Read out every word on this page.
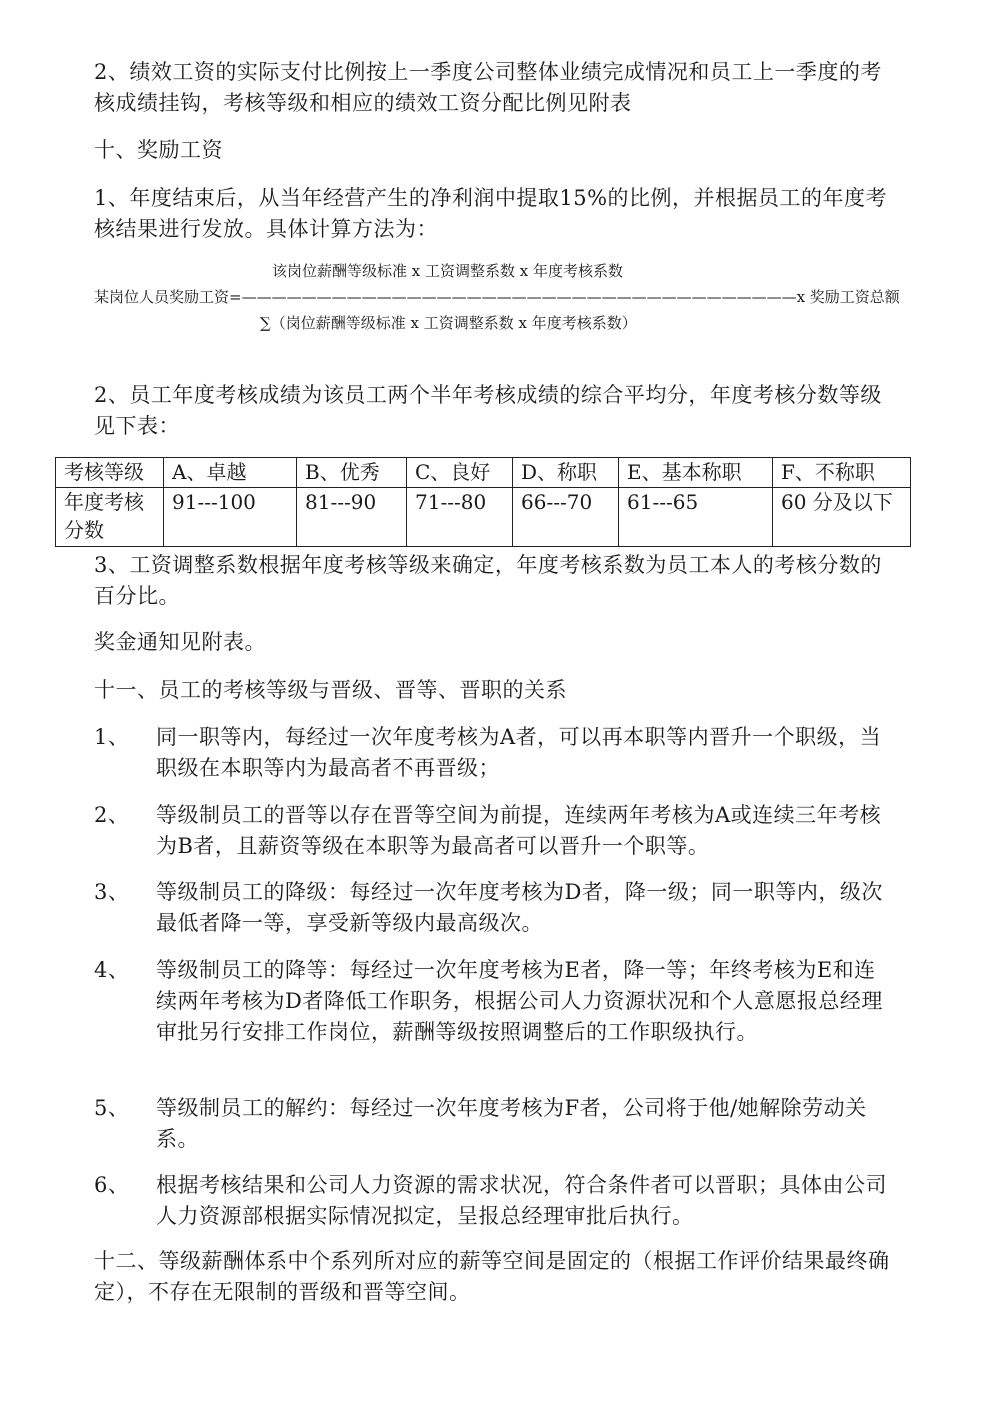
2、绩效工资的实际支付比例按上一季度公司整体业绩完成情况和员工上一季度的考核成绩挂钩，考核等级和相应的绩效工资分配比例见附表

十、奖励工资

1、年度结束后，从当年经营产生的净利润中提取15%的比例，并根据员工的年度考核结果进行发放。具体计算方法为：

该岗位薪酬等级标准 x 工资调整系数 x 年度考核系数
某岗位人员奖励工资=—————————————————————————————————————x 奖励工资总额
∑（岗位薪酬等级标准 x 工资调整系数 x 年度考核系数）

2、员工年度考核成绩为该员工两个半年考核成绩的综合平均分，年度考核分数等级见下表：

考核等级	A、卓越	B、优秀	C、良好	D、称职	E、基本称职	F、不称职
年度考核分数	91---100	81---90	71---80	66---70	61---65	60 分及以下

3、工资调整系数根据年度考核等级来确定，年度考核系数为员工本人的考核分数的百分比。

奖金通知见附表。

十一、员工的考核等级与晋级、晋等、晋职的关系

1、 同一职等内，每经过一次年度考核为A者，可以再本职等内晋升一个职级，当职级在本职等内为最高者不再晋级；
2、 等级制员工的晋等以存在晋等空间为前提，连续两年考核为A或连续三年考核为B者，且薪资等级在本职等为最高者可以晋升一个职等。
3、 等级制员工的降级：每经过一次年度考核为D者，降一级；同一职等内，级次最低者降一等，享受新等级内最高级次。
4、 等级制员工的降等：每经过一次年度考核为E者，降一等；年终考核为E和连续两年考核为D者降低工作职务，根据公司人力资源状况和个人意愿报总经理审批另行安排工作岗位，薪酬等级按照调整后的工作职级执行。
5、 等级制员工的解约：每经过一次年度考核为F者，公司将于他/她解除劳动关系。
6、 根据考核结果和公司人力资源的需求状况，符合条件者可以晋职；具体由公司人力资源部根据实际情况拟定，呈报总经理审批后执行。

十二、等级薪酬体系中个系列所对应的薪等空间是固定的（根据工作评价结果最终确定），不存在无限制的晋级和晋等空间。
